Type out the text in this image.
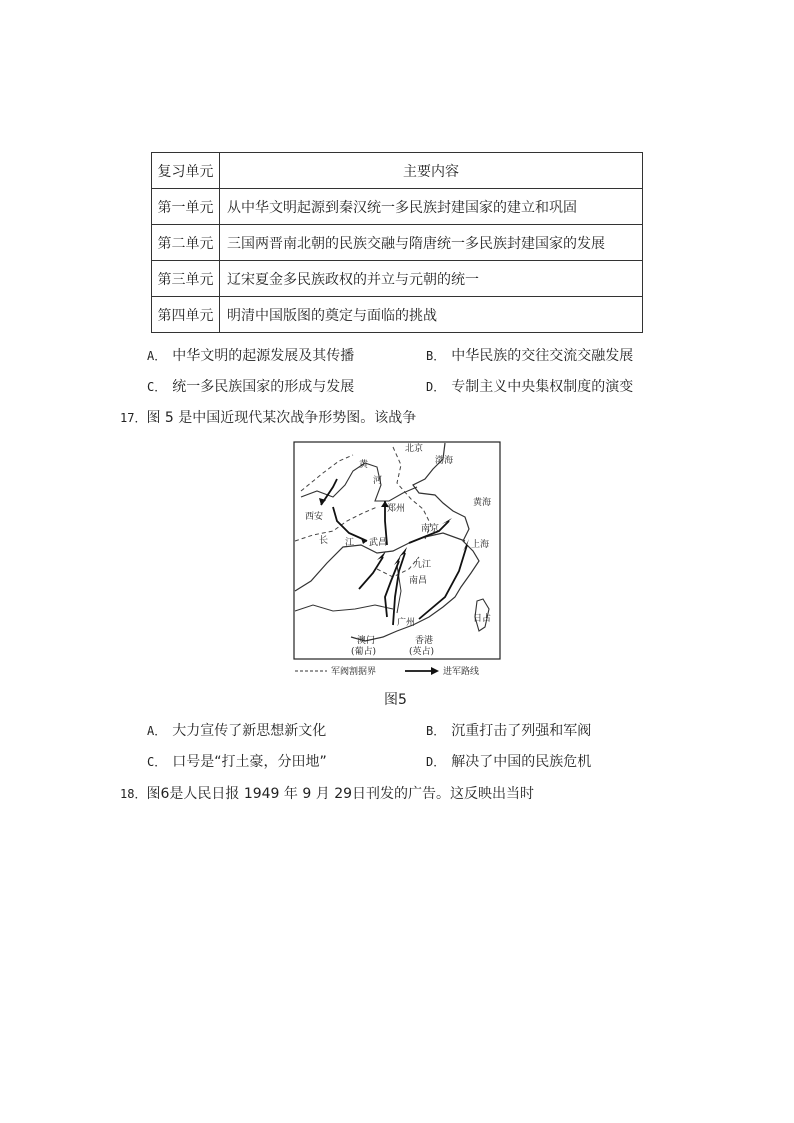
复习单元	主要内容
第一单元	从中华文明起源到秦汉统一多民族封建国家的建立和巩固
第二单元	三国两晋南北朝的民族交融与隋唐统一多民族封建国家的发展
第三单元	辽宋夏金多民族政权的并立与元朝的统一
第四单元	明清中国版图的奠定与面临的挑战
A． 中华文明的起源发展及其传播	B． 中华民族的交往交流交融发展
C． 统一多民族国家的形成与发展	D． 专制主义中央集权制度的演变
17．图 5 是中国近现代某次战争形势图。该战争
北京
渤海
黄
河
黄海
西安
郑州
南京
上海
长 江 武昌
九江
南昌
广州	日占
澳门
(葡占)
香港
(英占)
军阀割据界	进军路线
图5
A． 大力宣传了新思想新文化	B． 沉重打击了列强和军阀
C． 口号是“打土豪，分田地”	D． 解决了中国的民族危机
18．图6是人民日报 1949 年 9 月 29日刊发的广告。这反映出当时
